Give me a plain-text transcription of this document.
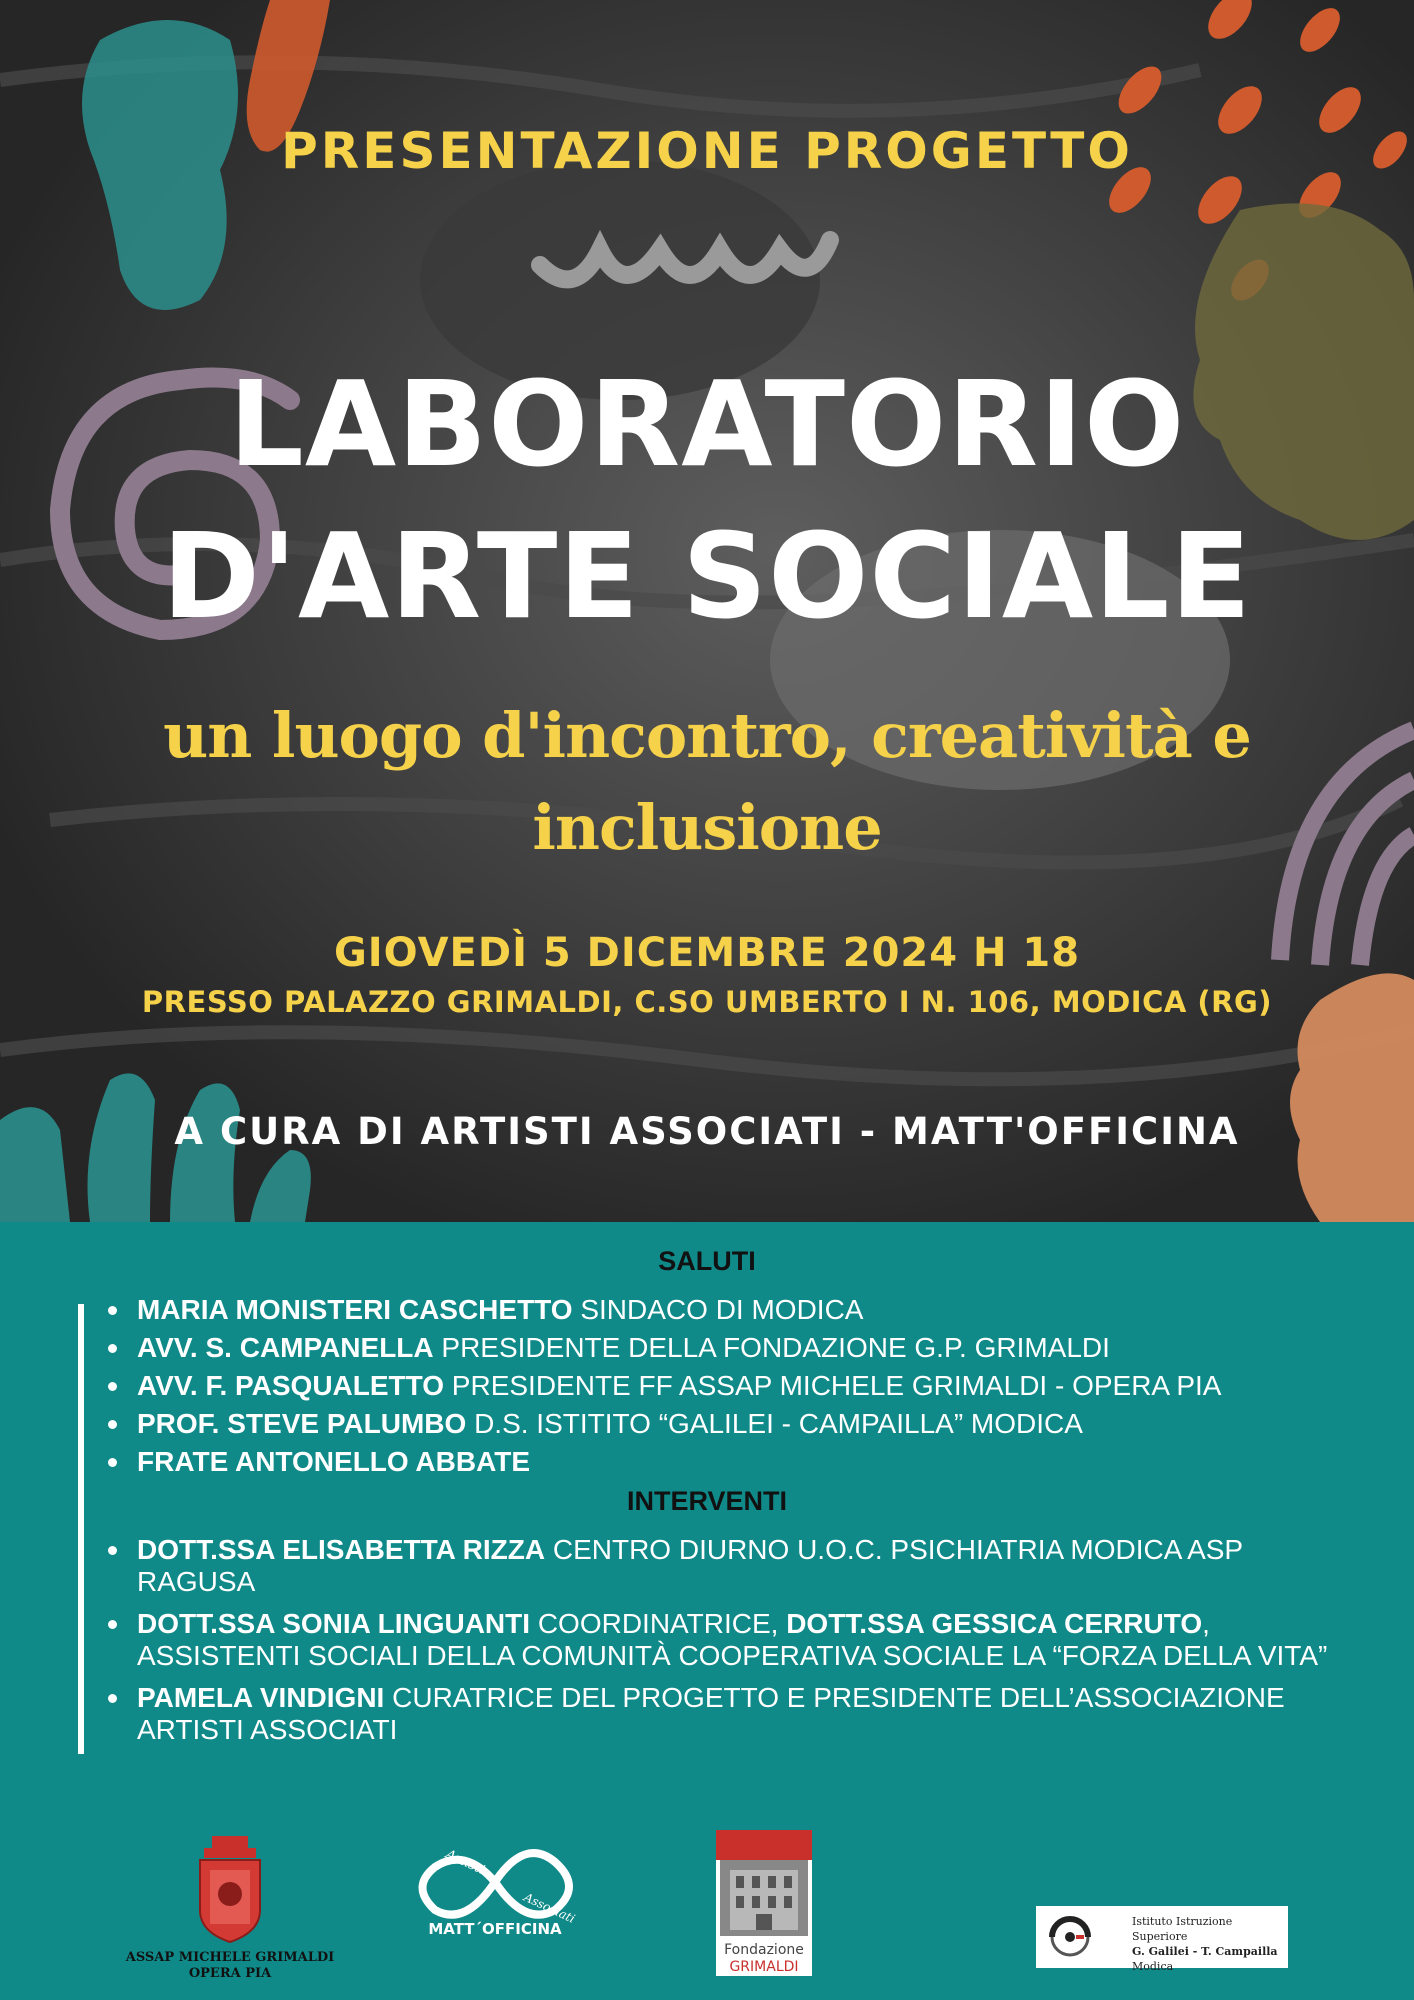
PRESENTAZIONE PROGETTO
LABORATORIO
D'ARTE SOCIALE
un luogo d'incontro, creatività e
inclusione
GIOVEDÌ 5 DICEMBRE 2024 H 18
PRESSO PALAZZO GRIMALDI, C.SO UMBERTO I N. 106, MODICA (RG)
A CURA DI ARTISTI ASSOCIATI - MATT'OFFICINA
SALUTI
MARIA MONISTERI CASCHETTO SINDACO DI MODICA
AVV. S. CAMPANELLA PRESIDENTE DELLA FONDAZIONE G.P. GRIMALDI
AVV. F. PASQUALETTO PRESIDENTE FF ASSAP MICHELE GRIMALDI - OPERA PIA
PROF. STEVE PALUMBO D.S. ISTITITO “GALILEI - CAMPAILLA” MODICA
FRATE ANTONELLO ABBATE
INTERVENTI
DOTT.SSA ELISABETTA RIZZA CENTRO DIURNO U.O.C. PSICHIATRIA MODICA ASP RAGUSA
DOTT.SSA SONIA LINGUANTI COORDINATRICE, DOTT.SSA GESSICA CERRUTO, ASSISTENTI SOCIALI DELLA COMUNITÀ COOPERATIVA SOCIALE LA “FORZA DELLA VITA”
PAMELA VINDIGNI CURATRICE DEL PROGETTO E PRESIDENTE DELL’ASSOCIAZIONE ARTISTI ASSOCIATI
ASSAP MICHELE GRIMALDI
OPERA PIA
Artisti
Associati
MATT´OFFICINA
Fondazione
GRIMALDI
Istituto Istruzione Superiore
G. Galilei - T. Campailla
Modica
